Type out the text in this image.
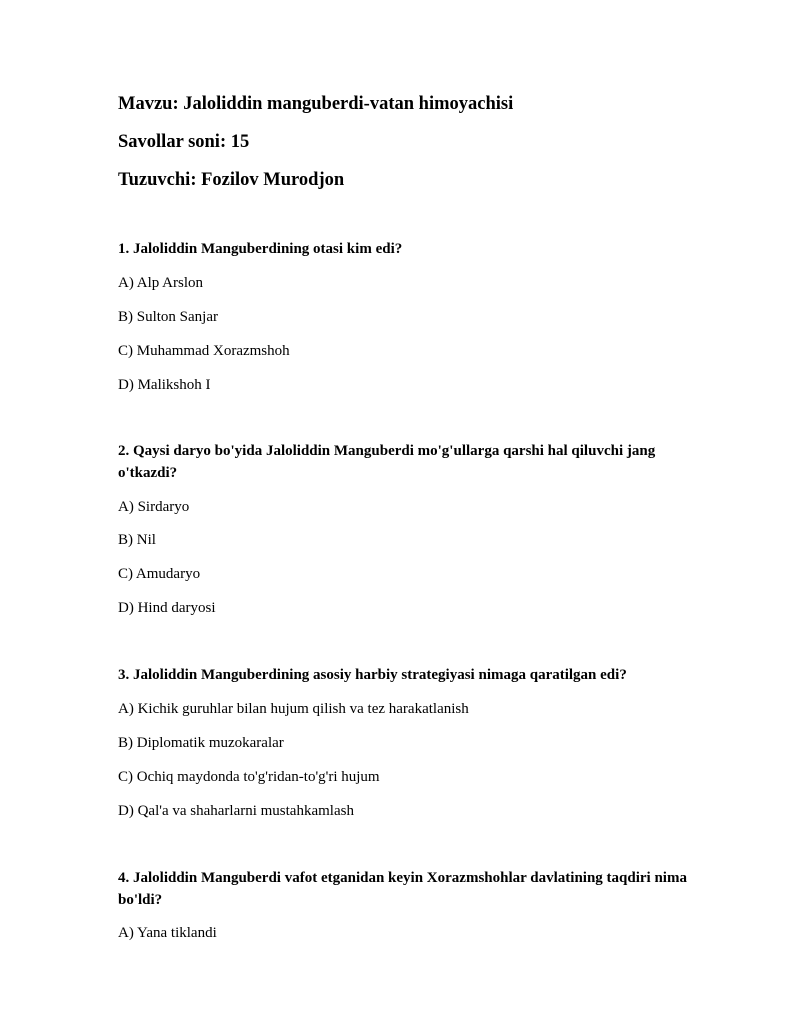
Mavzu: Jaloliddin manguberdi-vatan himoyachisi
Savollar soni: 15
Tuzuvchi: Fozilov Murodjon

1. Jaloliddin Manguberdining otasi kim edi?

A) Alp Arslon

B) Sulton Sanjar

C) Muhammad Xorazmshoh

D) Malikshoh I

2. Qaysi daryo bo'yida Jaloliddin Manguberdi mo'g'ullarga qarshi hal qiluvchi jang o'tkazdi?

A) Sirdaryo

B) Nil

C) Amudaryo

D) Hind daryosi

3. Jaloliddin Manguberdining asosiy harbiy strategiyasi nimaga qaratilgan edi?

A) Kichik guruhlar bilan hujum qilish va tez harakatlanish

B) Diplomatik muzokaralar

C) Ochiq maydonda to'g'ridan-to'g'ri hujum

D) Qal'a va shaharlarni mustahkamlash

4. Jaloliddin Manguberdi vafot etganidan keyin Xorazmshohlar davlatining taqdiri nima bo'ldi?

A) Yana tiklandi
